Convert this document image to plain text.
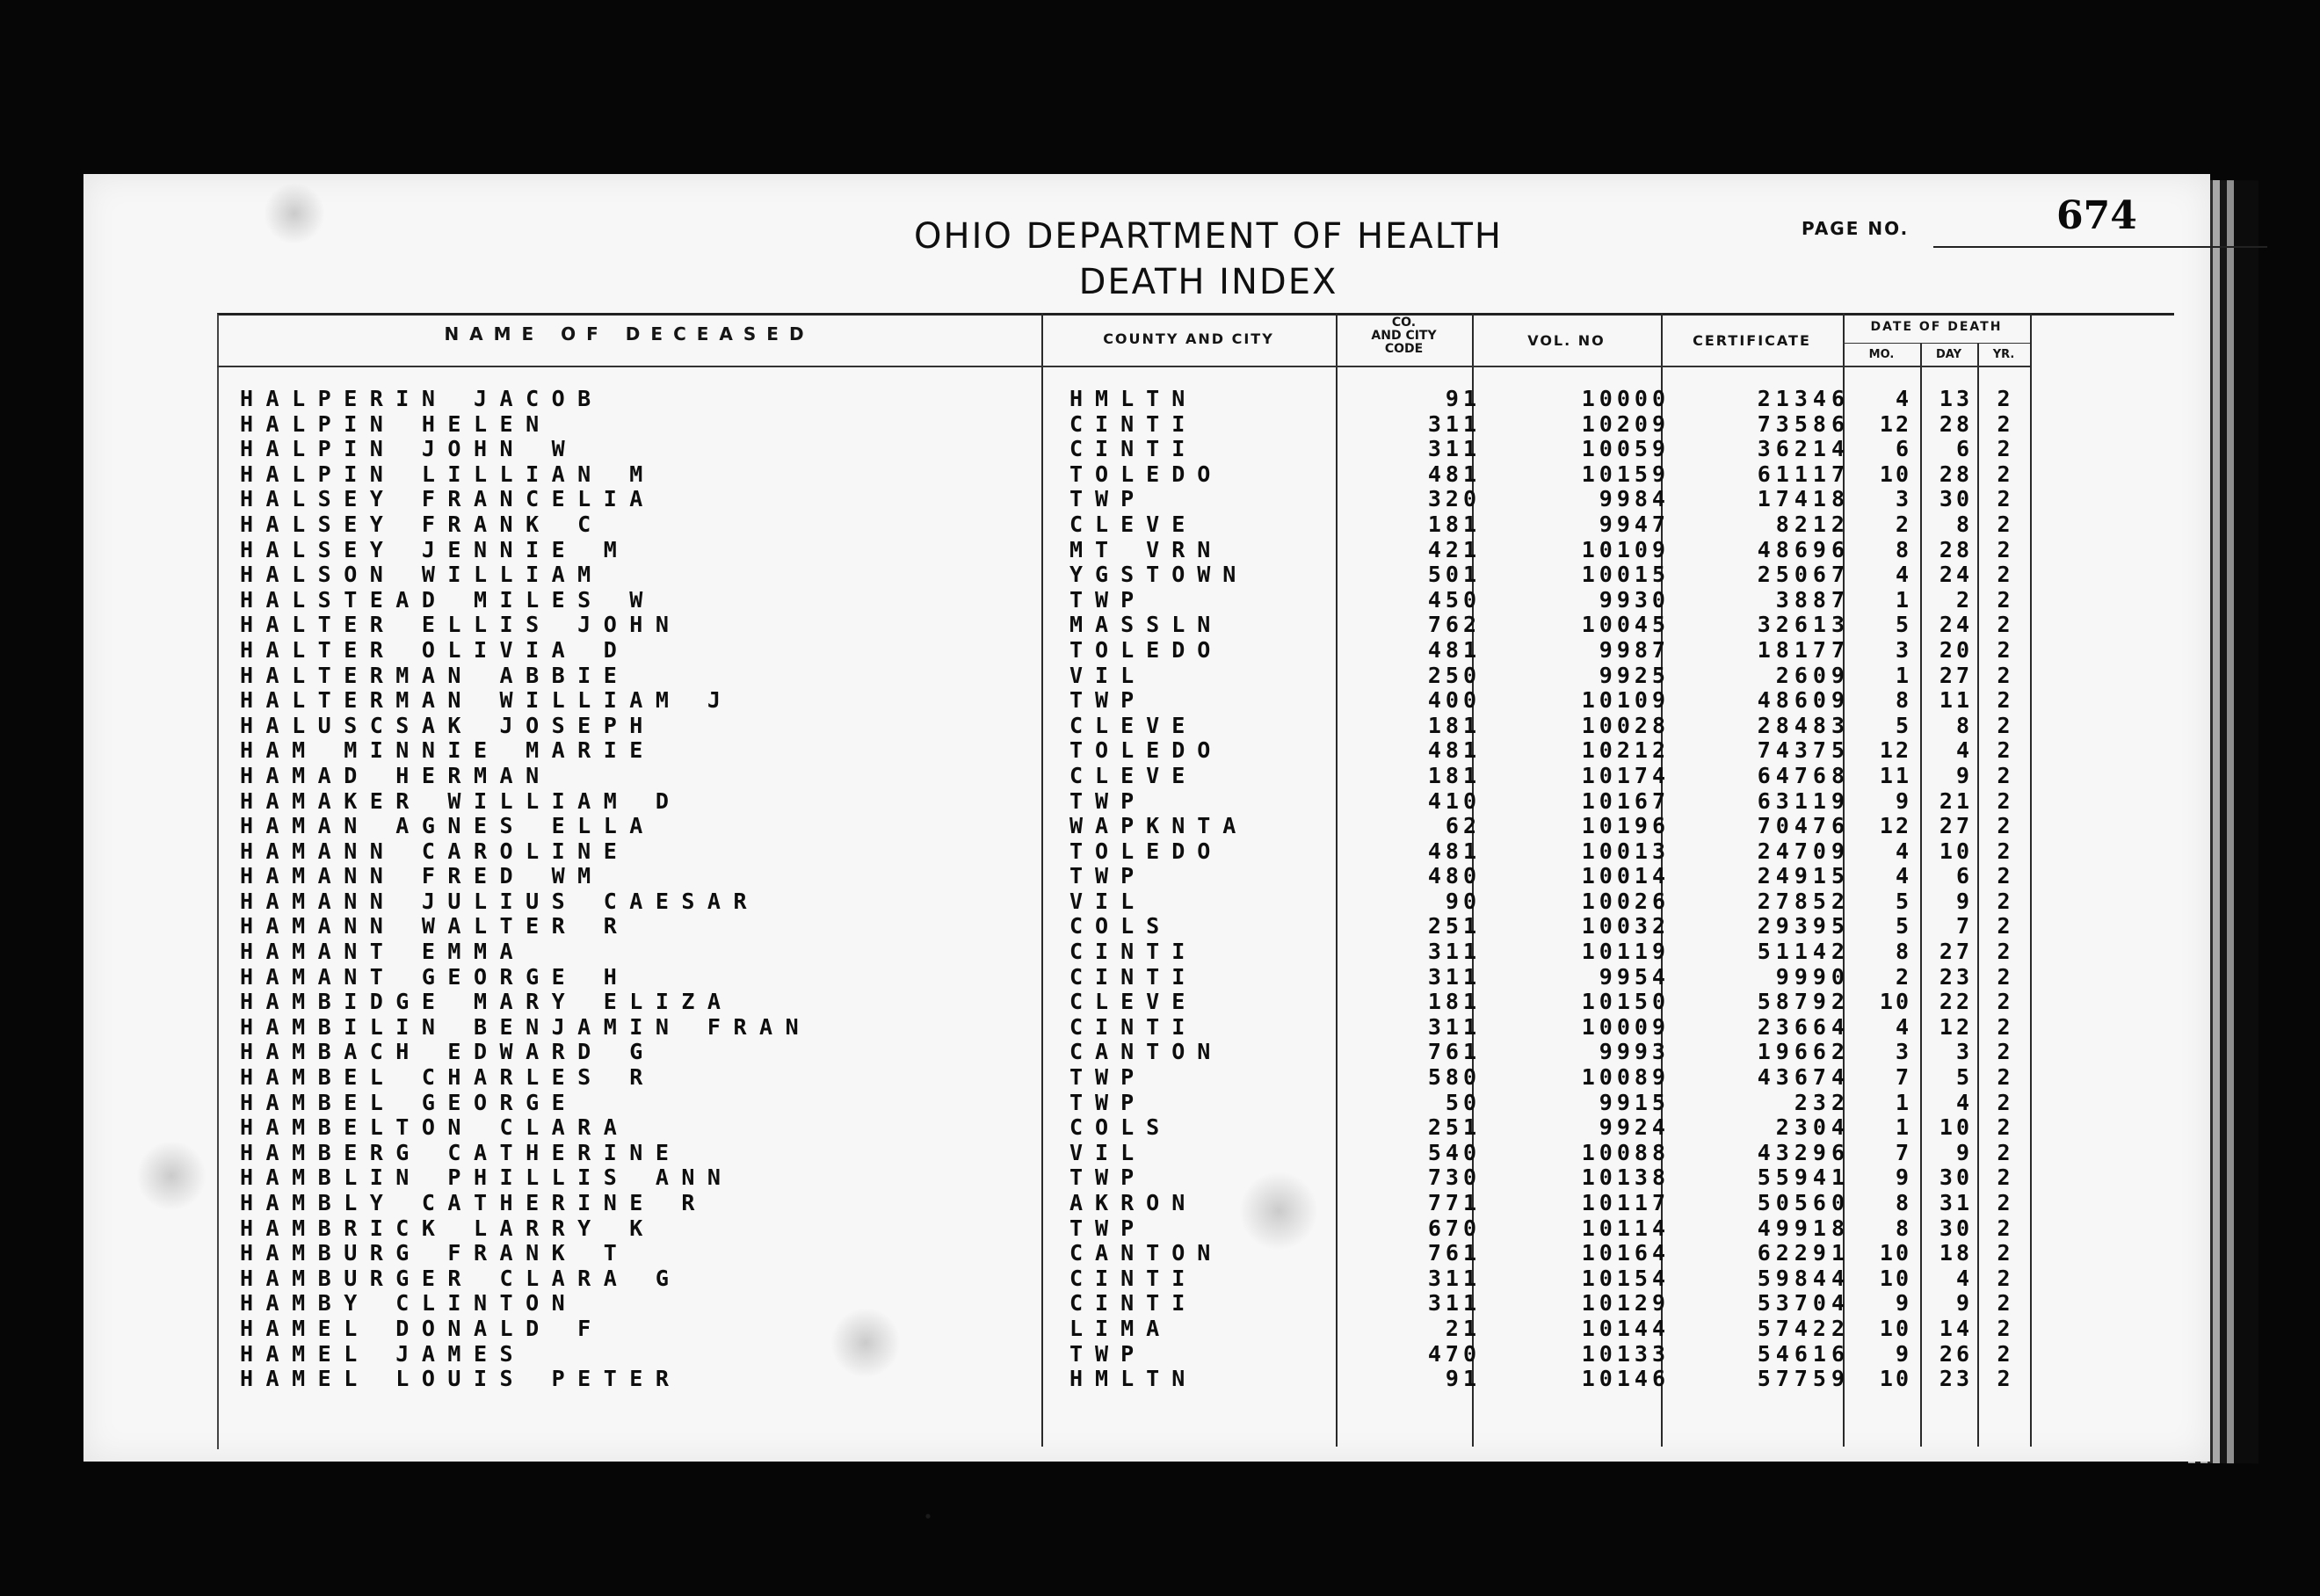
OHIO DEPARTMENT OF HEALTH
DEATH INDEX
PAGE NO.	674
NAME OF DECEASED	COUNTY AND CITY
CO.
AND CITY
CODE	VOL. NO	CERTIFICATE
DATE OF DEATH
MO.	DAY	YR.
HALPERIN JACOB	HMLTN	91	10000	21346	4	13	2
HALPIN HELEN	CINTI	311	10209	73586	12	28	2
HALPIN JOHN W	CINTI	311	10059	36214	6	6	2
HALPIN LILLIAN M	TOLEDO	481	10159	61117	10	28	2
HALSEY FRANCELIA	TWP	320	9984	17418	3	30	2
HALSEY FRANK C	CLEVE	181	9947	8212	2	8	2
HALSEY JENNIE M	MT VRN	421	10109	48696	8	28	2
HALSON WILLIAM	YGSTOWN	501	10015	25067	4	24	2
HALSTEAD MILES W	TWP	450	9930	3887	1	2	2
HALTER ELLIS JOHN	MASSLN	762	10045	32613	5	24	2
HALTER OLIVIA D	TOLEDO	481	9987	18177	3	20	2
HALTERMAN ABBIE	VIL	250	9925	2609	1	27	2
HALTERMAN WILLIAM J	TWP	400	10109	48609	8	11	2
HALUSCSAK JOSEPH	CLEVE	181	10028	28483	5	8	2
HAM MINNIE MARIE	TOLEDO	481	10212	74375	12	4	2
HAMAD HERMAN	CLEVE	181	10174	64768	11	9	2
HAMAKER WILLIAM D	TWP	410	10167	63119	9	21	2
HAMAN AGNES ELLA	WAPKNTA	62	10196	70476	12	27	2
HAMANN CAROLINE	TOLEDO	481	10013	24709	4	10	2
HAMANN FRED WM	TWP	480	10014	24915	4	6	2
HAMANN JULIUS CAESAR	VIL	90	10026	27852	5	9	2
HAMANN WALTER R	COLS	251	10032	29395	5	7	2
HAMANT EMMA	CINTI	311	10119	51142	8	27	2
HAMANT GEORGE H	CINTI	311	9954	9990	2	23	2
HAMBIDGE MARY ELIZA	CLEVE	181	10150	58792	10	22	2
HAMBILIN BENJAMIN FRAN	CINTI	311	10009	23664	4	12	2
HAMBACH EDWARD G	CANTON	761	9993	19662	3	3	2
HAMBEL CHARLES R	TWP	580	10089	43674	7	5	2
HAMBEL GEORGE	TWP	50	9915	232	1	4	2
HAMBELTON CLARA	COLS	251	9924	2304	1	10	2
HAMBERG CATHERINE	VIL	540	10088	43296	7	9	2
HAMBLIN PHILLIS ANN	TWP	730	10138	55941	9	30	2
HAMBLY CATHERINE R	AKRON	771	10117	50560	8	31	2
HAMBRICK LARRY K	TWP	670	10114	49918	8	30	2
HAMBURG FRANK T	CANTON	761	10164	62291	10	18	2
HAMBURGER CLARA G	CINTI	311	10154	59844	10	4	2
HAMBY CLINTON	CINTI	311	10129	53704	9	9	2
HAMEL DONALD F	LIMA	21	10144	57422	10	14	2
HAMEL JAMES	TWP	470	10133	54616	9	26	2
HAMEL LOUIS PETER	HMLTN	91	10146	57759	10	23	2
